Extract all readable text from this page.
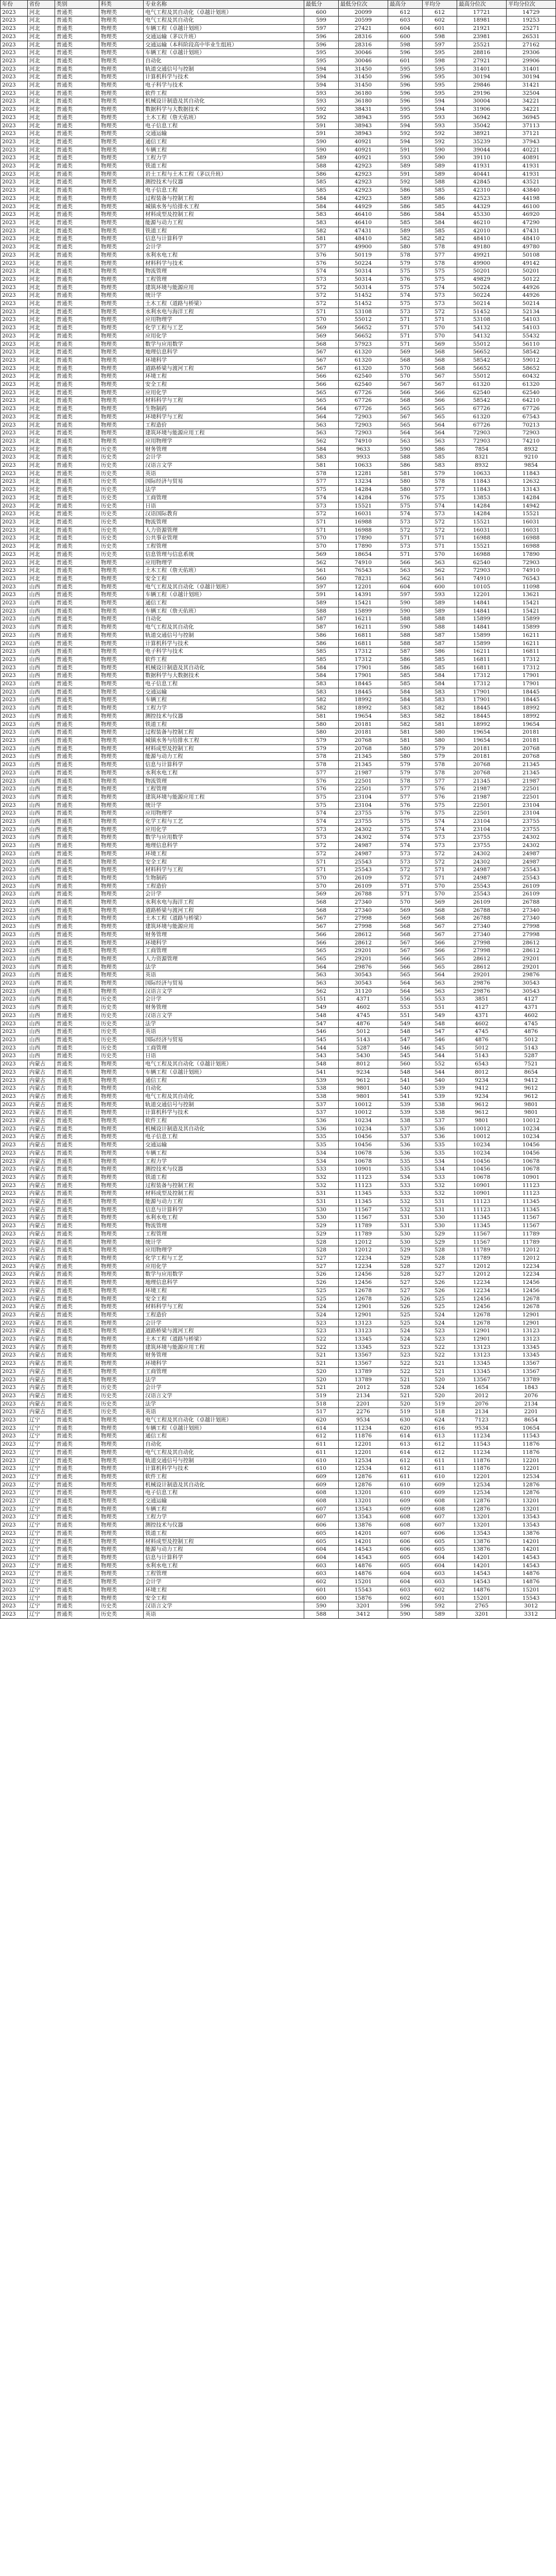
年份	省份	类别	科类	专业名称	最低分	最低分位次	最高分	平均分	最高分位次	平均分位次
2023	河北	普通类	物理类	电气工程及其自动化（卓越计划班）	600	20099	612	612	17721	14729
2023	河北	普通类	物理类	电气工程及其自动化	599	20599	603	602	18981	19253
2023	河北	普通类	物理类	车辆工程（卓越计划班）	597	27421	604	601	21921	25271
2023	河北	普通类	物理类	交通运输（茅以升班）	596	28316	600	598	23981	26531
2023	河北	普通类	物理类	交通运输（本科阶段高中毕业生组班）	596	28316	598	597	25521	27162
2023	河北	普通类	物理类	车辆工程（卓越计划班）	595	30046	596	595	28816	29306
2023	河北	普通类	物理类	自动化	595	30046	601	598	27921	29906
2023	河北	普通类	物理类	轨道交通信号与控制	594	31450	595	595	31401	31401
2023	河北	普通类	物理类	计算机科学与技术	594	31450	596	595	30194	30194
2023	河北	普通类	物理类	电子科学与技术	594	31450	596	595	29846	31421
2023	河北	普通类	物理类	软件工程	593	36180	596	595	29196	32504
2023	河北	普通类	物理类	机械设计制造及其自动化	593	36180	596	594	30004	34221
2023	河北	普通类	物理类	数据科学与大数据技术	592	38431	595	594	31906	34221
2023	河北	普通类	物理类	土木工程（詹天佑班）	592	38943	595	593	36942	36945
2023	河北	普通类	物理类	电子信息工程	591	38943	594	593	35042	37113
2023	河北	普通类	物理类	交通运输	591	38943	592	592	38921	37121
2023	河北	普通类	物理类	通信工程	590	40921	594	592	35239	37943
2023	河北	普通类	物理类	车辆工程	590	40921	591	590	39044	40221
2023	河北	普通类	物理类	工程力学	589	40921	593	590	39110	40891
2023	河北	普通类	物理类	铁道工程	588	42923	589	589	41931	41931
2023	河北	普通类	物理类	岩土工程与土木工程（茅以升班）	586	42923	591	589	40441	41931
2023	河北	普通类	物理类	测控技术与仪器	585	42923	592	588	42845	43521
2023	河北	普通类	物理类	电子信息工程	585	42923	586	585	42310	43840
2023	河北	普通类	物理类	过程装备与控制工程	584	42923	589	586	42523	44198
2023	河北	普通类	物理类	城镇水务与给排水工程	584	44929	586	585	44329	46100
2023	河北	普通类	物理类	材料成型及控制工程	583	46410	586	584	45330	46920
2023	河北	普通类	物理类	能源与动力工程	583	46410	585	584	46210	47290
2023	河北	普通类	物理类	铁道工程	582	47431	589	585	42010	47431
2023	河北	普通类	物理类	信息与计算科学	581	48410	582	582	48410	48410
2023	河北	普通类	物理类	会计学	577	49900	580	578	49180	49780
2023	河北	普通类	物理类	水利水电工程	576	50119	578	577	49921	50108
2023	河北	普通类	物理类	材料科学与技术	576	50224	579	578	49900	49142
2023	河北	普通类	物理类	物流管理	574	50314	575	575	50201	50201
2023	河北	普通类	物理类	工程管理	573	50314	576	575	49829	50122
2023	河北	普通类	物理类	建筑环境与能源应用	572	50314	575	574	50224	44926
2023	河北	普通类	物理类	统计学	572	51452	574	573	50224	44926
2023	河北	普通类	物理类	土木工程（道路与桥梁）	572	51452	575	573	50214	50214
2023	河北	普通类	物理类	水利水电与海洋工程	571	53108	573	572	51452	52134
2023	河北	普通类	物理类	应用物理学	570	55012	571	571	53108	54103
2023	河北	普通类	物理类	化学工程与工艺	569	56652	571	570	54132	54103
2023	河北	普通类	物理类	应用化学	569	56652	571	570	54132	55432
2023	河北	普通类	物理类	数学与应用数学	568	57923	571	569	55012	56110
2023	河北	普通类	物理类	地理信息科学	567	61320	569	568	56652	58542
2023	河北	普通类	物理类	环境科学	567	61320	568	568	58542	59012
2023	河北	普通类	物理类	道路桥梁与渡河工程	567	61320	570	568	56652	58652
2023	河北	普通类	物理类	环境工程	566	62540	570	567	55012	60432
2023	河北	普通类	物理类	安全工程	566	62540	567	567	61320	61320
2023	河北	普通类	物理类	应用化学	565	67726	566	566	62540	62540
2023	河北	普通类	物理类	材料科学与工程	565	67726	568	566	58542	64210
2023	河北	普通类	物理类	生物制药	564	67726	565	565	67726	67726
2023	河北	普通类	物理类	环境科学与工程	564	72903	567	565	61320	67543
2023	河北	普通类	物理类	工程造价	563	72903	565	564	67726	70213
2023	河北	普通类	物理类	建筑环境与能源应用工程	563	72903	564	564	72903	72903
2023	河北	普通类	物理类	应用物理学	562	74910	563	563	72903	74210
2023	河北	普通类	历史类	财务管理	584	9633	590	586	7854	8932
2023	河北	普通类	历史类	会计学	583	9933	588	585	8321	9210
2023	河北	普通类	历史类	汉语言文学	581	10633	586	583	8932	9854
2023	河北	普通类	历史类	英语	578	12281	581	579	10633	11843
2023	河北	普通类	历史类	国际经济与贸易	577	13234	580	578	11843	12632
2023	河北	普通类	历史类	法学	575	14284	580	577	11843	13143
2023	河北	普通类	历史类	工商管理	574	14284	576	575	13853	14284
2023	河北	普通类	历史类	日语	573	15521	575	574	14284	14942
2023	河北	普通类	历史类	汉语国际教育	572	16031	574	573	14284	15521
2023	河北	普通类	历史类	物流管理	571	16988	573	572	15521	16031
2023	河北	普通类	历史类	人力资源管理	571	16988	572	572	16031	16031
2023	河北	普通类	历史类	公共事业管理	570	17890	571	571	16988	16988
2023	河北	普通类	历史类	工程管理	570	17890	573	571	15521	16988
2023	河北	普通类	历史类	信息管理与信息系统	569	18654	571	570	16988	17890
2023	河北	普通类	物理类	应用物理学	562	74910	566	563	62540	72903
2023	河北	普通类	物理类	土木工程（詹天佑班）	561	76543	563	562	72903	74910
2023	河北	普通类	物理类	安全工程	560	78231	562	561	74910	76543
2023	山西	普通类	物理类	电气工程及其自动化（卓越计划班）	597	12201	604	600	10105	11098
2023	山西	普通类	物理类	车辆工程（卓越计划班）	591	14391	597	593	12201	13621
2023	山西	普通类	物理类	通信工程	589	15421	590	589	14841	15421
2023	山西	普通类	物理类	车辆工程（詹天佑班）	588	15899	590	589	14841	15421
2023	山西	普通类	物理类	自动化	587	16211	588	588	15899	15899
2023	山西	普通类	物理类	电气工程及其自动化	587	16211	590	588	14841	15899
2023	山西	普通类	物理类	轨道交通信号与控制	586	16811	588	587	15899	16211
2023	山西	普通类	物理类	计算机科学与技术	586	16811	588	587	15899	16211
2023	山西	普通类	物理类	电子科学与技术	585	17312	587	586	16211	16811
2023	山西	普通类	物理类	软件工程	585	17312	586	585	16811	17312
2023	山西	普通类	物理类	机械设计制造及其自动化	584	17901	586	585	16811	17312
2023	山西	普通类	物理类	数据科学与大数据技术	584	17901	585	584	17312	17901
2023	山西	普通类	物理类	电子信息工程	583	18445	585	584	17312	17901
2023	山西	普通类	物理类	交通运输	583	18445	584	583	17901	18445
2023	山西	普通类	物理类	车辆工程	582	18992	584	583	17901	18445
2023	山西	普通类	物理类	工程力学	582	18992	583	582	18445	18992
2023	山西	普通类	物理类	测控技术与仪器	581	19654	583	582	18445	18992
2023	山西	普通类	物理类	铁道工程	580	20181	582	581	18992	19654
2023	山西	普通类	物理类	过程装备与控制工程	580	20181	581	580	19654	20181
2023	山西	普通类	物理类	城镇水务与给排水工程	579	20768	581	580	19654	20181
2023	山西	普通类	物理类	材料成型及控制工程	579	20768	580	579	20181	20768
2023	山西	普通类	物理类	能源与动力工程	578	21345	580	579	20181	20768
2023	山西	普通类	物理类	信息与计算科学	578	21345	579	578	20768	21345
2023	山西	普通类	物理类	水利水电工程	577	21987	579	578	20768	21345
2023	山西	普通类	物理类	物流管理	576	22501	578	577	21345	21987
2023	山西	普通类	物理类	工程管理	576	22501	577	576	21987	22501
2023	山西	普通类	物理类	建筑环境与能源应用工程	575	23104	577	576	21987	22501
2023	山西	普通类	物理类	统计学	575	23104	576	575	22501	23104
2023	山西	普通类	物理类	应用物理学	574	23755	576	575	22501	23104
2023	山西	普通类	物理类	化学工程与工艺	574	23755	575	574	23104	23755
2023	山西	普通类	物理类	应用化学	573	24302	575	574	23104	23755
2023	山西	普通类	物理类	数学与应用数学	573	24302	574	573	23755	24302
2023	山西	普通类	物理类	地理信息科学	572	24987	574	573	23755	24302
2023	山西	普通类	物理类	环境工程	572	24987	573	572	24302	24987
2023	山西	普通类	物理类	安全工程	571	25543	573	572	24302	24987
2023	山西	普通类	物理类	材料科学与工程	571	25543	572	571	24987	25543
2023	山西	普通类	物理类	生物制药	570	26109	572	571	24987	25543
2023	山西	普通类	物理类	工程造价	570	26109	571	570	25543	26109
2023	山西	普通类	物理类	会计学	569	26788	571	570	25543	26109
2023	山西	普通类	物理类	水利水电与海洋工程	568	27340	570	569	26109	26788
2023	山西	普通类	物理类	道路桥梁与渡河工程	568	27340	569	568	26788	27340
2023	山西	普通类	物理类	土木工程（道路与桥梁）	567	27998	569	568	26788	27340
2023	山西	普通类	物理类	建筑环境与能源应用	567	27998	568	567	27340	27998
2023	山西	普通类	物理类	财务管理	566	28612	568	567	27340	27998
2023	山西	普通类	物理类	环境科学	566	28612	567	566	27998	28612
2023	山西	普通类	物理类	工商管理	565	29201	567	566	27998	28612
2023	山西	普通类	物理类	人力资源管理	565	29201	566	565	28612	29201
2023	山西	普通类	物理类	法学	564	29876	566	565	28612	29201
2023	山西	普通类	物理类	英语	563	30543	565	564	29201	29876
2023	山西	普通类	物理类	国际经济与贸易	563	30543	564	563	29876	30543
2023	山西	普通类	物理类	汉语言文学	562	31120	564	563	29876	30543
2023	山西	普通类	历史类	会计学	551	4371	556	553	3851	4127
2023	山西	普通类	历史类	财务管理	549	4602	553	551	4127	4371
2023	山西	普通类	历史类	汉语言文学	548	4745	551	549	4371	4602
2023	山西	普通类	历史类	法学	547	4876	549	548	4602	4745
2023	山西	普通类	历史类	英语	546	5012	548	547	4745	4876
2023	山西	普通类	历史类	国际经济与贸易	545	5143	547	546	4876	5012
2023	山西	普通类	历史类	工商管理	544	5287	546	545	5012	5143
2023	山西	普通类	历史类	日语	543	5430	545	544	5143	5287
2023	内蒙古	普通类	物理类	电气工程及其自动化（卓越计划班）	548	8012	560	552	6543	7521
2023	内蒙古	普通类	物理类	车辆工程（卓越计划班）	541	9234	548	544	8012	8654
2023	内蒙古	普通类	物理类	通信工程	539	9612	541	540	9234	9412
2023	内蒙古	普通类	物理类	自动化	538	9801	540	539	9412	9612
2023	内蒙古	普通类	物理类	电气工程及其自动化	538	9801	541	539	9234	9612
2023	内蒙古	普通类	物理类	轨道交通信号与控制	537	10012	539	538	9612	9801
2023	内蒙古	普通类	物理类	计算机科学与技术	537	10012	539	538	9612	9801
2023	内蒙古	普通类	物理类	软件工程	536	10234	538	537	9801	10012
2023	内蒙古	普通类	物理类	机械设计制造及其自动化	536	10234	537	536	10012	10234
2023	内蒙古	普通类	物理类	电子信息工程	535	10456	537	536	10012	10234
2023	内蒙古	普通类	物理类	交通运输	535	10456	536	535	10234	10456
2023	内蒙古	普通类	物理类	车辆工程	534	10678	536	535	10234	10456
2023	内蒙古	普通类	物理类	工程力学	534	10678	535	534	10456	10678
2023	内蒙古	普通类	物理类	测控技术与仪器	533	10901	535	534	10456	10678
2023	内蒙古	普通类	物理类	铁道工程	532	11123	534	533	10678	10901
2023	内蒙古	普通类	物理类	过程装备与控制工程	532	11123	533	532	10901	11123
2023	内蒙古	普通类	物理类	材料成型及控制工程	531	11345	533	532	10901	11123
2023	内蒙古	普通类	物理类	能源与动力工程	531	11345	532	531	11123	11345
2023	内蒙古	普通类	物理类	信息与计算科学	530	11567	532	531	11123	11345
2023	内蒙古	普通类	物理类	水利水电工程	530	11567	531	530	11345	11567
2023	内蒙古	普通类	物理类	物流管理	529	11789	531	530	11345	11567
2023	内蒙古	普通类	物理类	工程管理	529	11789	530	529	11567	11789
2023	内蒙古	普通类	物理类	统计学	528	12012	530	529	11567	11789
2023	内蒙古	普通类	物理类	应用物理学	528	12012	529	528	11789	12012
2023	内蒙古	普通类	物理类	化学工程与工艺	527	12234	529	528	11789	12012
2023	内蒙古	普通类	物理类	应用化学	527	12234	528	527	12012	12234
2023	内蒙古	普通类	物理类	数学与应用数学	526	12456	528	527	12012	12234
2023	内蒙古	普通类	物理类	地理信息科学	526	12456	527	526	12234	12456
2023	内蒙古	普通类	物理类	环境工程	525	12678	527	526	12234	12456
2023	内蒙古	普通类	物理类	安全工程	525	12678	526	525	12456	12678
2023	内蒙古	普通类	物理类	材料科学与工程	524	12901	526	525	12456	12678
2023	内蒙古	普通类	物理类	工程造价	524	12901	525	524	12678	12901
2023	内蒙古	普通类	物理类	会计学	523	13123	525	524	12678	12901
2023	内蒙古	普通类	物理类	道路桥梁与渡河工程	523	13123	524	523	12901	13123
2023	内蒙古	普通类	物理类	土木工程（道路与桥梁）	522	13345	524	523	12901	13123
2023	内蒙古	普通类	物理类	建筑环境与能源应用工程	522	13345	523	522	13123	13345
2023	内蒙古	普通类	物理类	财务管理	521	13567	523	522	13123	13345
2023	内蒙古	普通类	物理类	环境科学	521	13567	522	521	13345	13567
2023	内蒙古	普通类	物理类	工商管理	520	13789	522	521	13345	13567
2023	内蒙古	普通类	物理类	法学	520	13789	521	520	13567	13789
2023	内蒙古	普通类	历史类	会计学	521	2012	528	524	1654	1843
2023	内蒙古	普通类	历史类	汉语言文学	519	2134	521	520	2012	2076
2023	内蒙古	普通类	历史类	法学	518	2201	520	519	2076	2134
2023	内蒙古	普通类	历史类	英语	517	2276	519	518	2134	2201
2023	辽宁	普通类	物理类	电气工程及其自动化（卓越计划班）	620	9534	630	624	7123	8654
2023	辽宁	普通类	物理类	车辆工程（卓越计划班）	614	11234	620	616	9534	10654
2023	辽宁	普通类	物理类	通信工程	612	11876	614	613	11234	11543
2023	辽宁	普通类	物理类	自动化	611	12201	613	612	11543	11876
2023	辽宁	普通类	物理类	电气工程及其自动化	611	12201	614	612	11234	11876
2023	辽宁	普通类	物理类	轨道交通信号与控制	610	12534	612	611	11876	12201
2023	辽宁	普通类	物理类	计算机科学与技术	610	12534	612	611	11876	12201
2023	辽宁	普通类	物理类	软件工程	609	12876	611	610	12201	12534
2023	辽宁	普通类	物理类	机械设计制造及其自动化	609	12876	610	609	12534	12876
2023	辽宁	普通类	物理类	电子信息工程	608	13201	610	609	12534	12876
2023	辽宁	普通类	物理类	交通运输	608	13201	609	608	12876	13201
2023	辽宁	普通类	物理类	车辆工程	607	13543	609	608	12876	13201
2023	辽宁	普通类	物理类	工程力学	607	13543	608	607	13201	13543
2023	辽宁	普通类	物理类	测控技术与仪器	606	13876	608	607	13201	13543
2023	辽宁	普通类	物理类	铁道工程	605	14201	607	606	13543	13876
2023	辽宁	普通类	物理类	材料成型及控制工程	605	14201	606	605	13876	14201
2023	辽宁	普通类	物理类	能源与动力工程	604	14543	606	605	13876	14201
2023	辽宁	普通类	物理类	信息与计算科学	604	14543	605	604	14201	14543
2023	辽宁	普通类	物理类	水利水电工程	603	14876	605	604	14201	14543
2023	辽宁	普通类	物理类	工程管理	603	14876	604	603	14543	14876
2023	辽宁	普通类	物理类	会计学	602	15201	604	603	14543	14876
2023	辽宁	普通类	物理类	环境工程	601	15543	603	602	14876	15201
2023	辽宁	普通类	物理类	安全工程	600	15876	602	601	15201	15543
2023	辽宁	普通类	历史类	汉语言文学	590	3201	596	592	2765	3012
2023	辽宁	普通类	历史类	英语	588	3412	590	589	3201	3312
